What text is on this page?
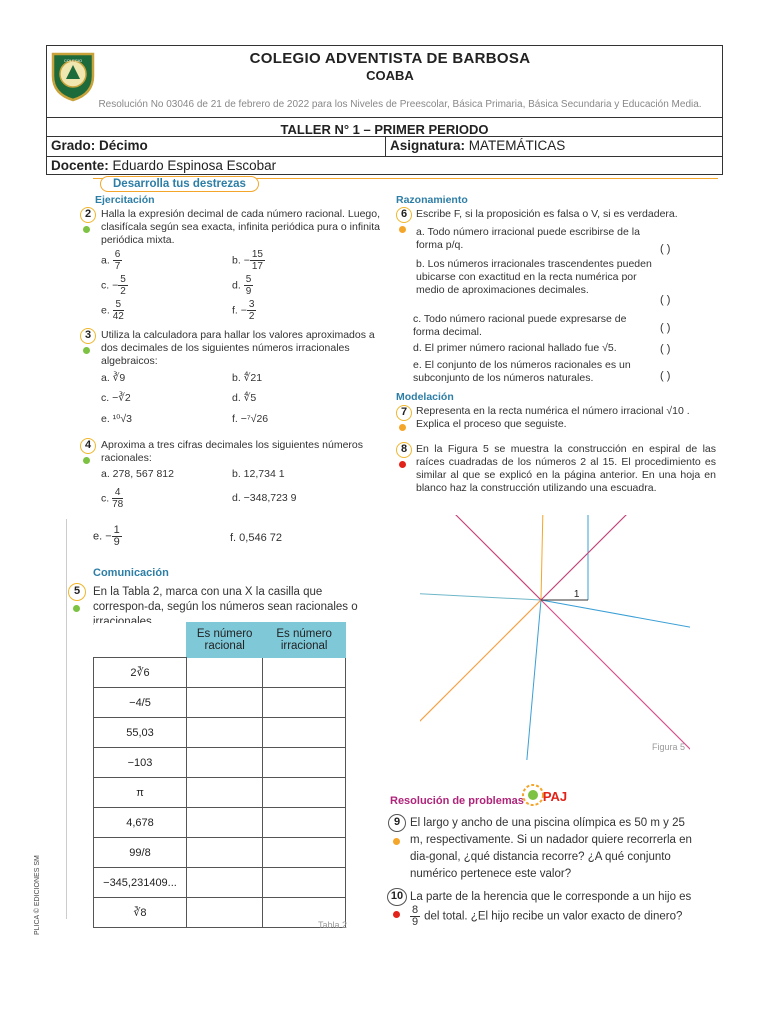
COLEGIO	COLEGIO ADVENTISTA DE BARBOSA
COABA
Resolución No 03046 de 21 de febrero de 2022 para los Niveles de Preescolar, Básica Primaria, Básica Secundaria y Educación Media.
TALLER N° 1 – PRIMER PERIODO
Grado: Décimo	Asignatura: MATEMÁTICAS
Docente: Eduardo Espinosa Escobar
Desarrolla tus destrezas
Ejercitación
2 Halla la expresión decimal de cada número racional. Luego, clasifícala según sea exacta, infinita periódica pura o infinita periódica mixta.
a. $\frac{6}{7}$	b. − $\frac{15}{17}$
c. − $\frac{5}{2}$	d. $\frac{5}{9}$
e. $\frac{5}{42}$	f. − $\frac{3}{2}$
3 Utiliza la calculadora para hallar los valores aproximados a dos decimales de los siguientes números irracionales algebraicos:
a. ∛9	b. ∜21
c. −∛2	d. ∜5
e. ¹⁰√3	f. −⁷√26
4 Aproxima a tres cifras decimales los siguientes números racionales:
a. 278, 567 812	b. 12,734 1
c. $\frac{4}{78}$	d. −348,723 9
e. − $\frac{1}{9}$	f. 0,546 72
Comunicación
5	En la Tabla 2, marca con una X la casilla que correspon-da, según los números sean racionales o
	Es número racional	Es número irracional
2∛6		
−4/5		
55,03		
−103		
π		
4,678		
99/8		
−345,231409...		
∛8		
Tabla 2
PLICA © EDICIONES SM
Razonamiento
6 Escribe F, si la proposición es falsa o V, si es verdadera.
a. Todo número irracional puede escribirse de la forma p/q.	( )
b. Los números irracionales trascendentes pueden ubicarse con exactitud en la recta numérica por medio de aproximaciones decimales.
( )
c. Todo número racional puede expresarse de forma decimal.	( )
d. El primer número racional hallado fue √5.	( )
e. El conjunto de los números racionales es un subconjunto de los números naturales.	( )
Modelación
7 Representa en la recta numérica el número irracional √10 . Explica el proceso que seguiste.
8 En la Figura 5 se muestra la construcción en espiral de las raíces cuadradas de los números 2 al 15. El procedimiento es similar al que se explicó en la página anterior. En una hoja en blanco haz la construcción utilizando una escuadra.
1
Figura 5
Resolución de problemas PAJ
9 El largo y ancho de una piscina olímpica es 50 m y 25 m, respectivamente. Si un nadador quiere recorrerla en dia-gonal, ¿qué distancia recorre? ¿A qué conjunto numérico pertenece este valor?
10 La parte de la herencia que le corresponde a un hijo es

$\frac{8}{9}$ del total. ¿El hijo recibe un valor exacto de dinero?
